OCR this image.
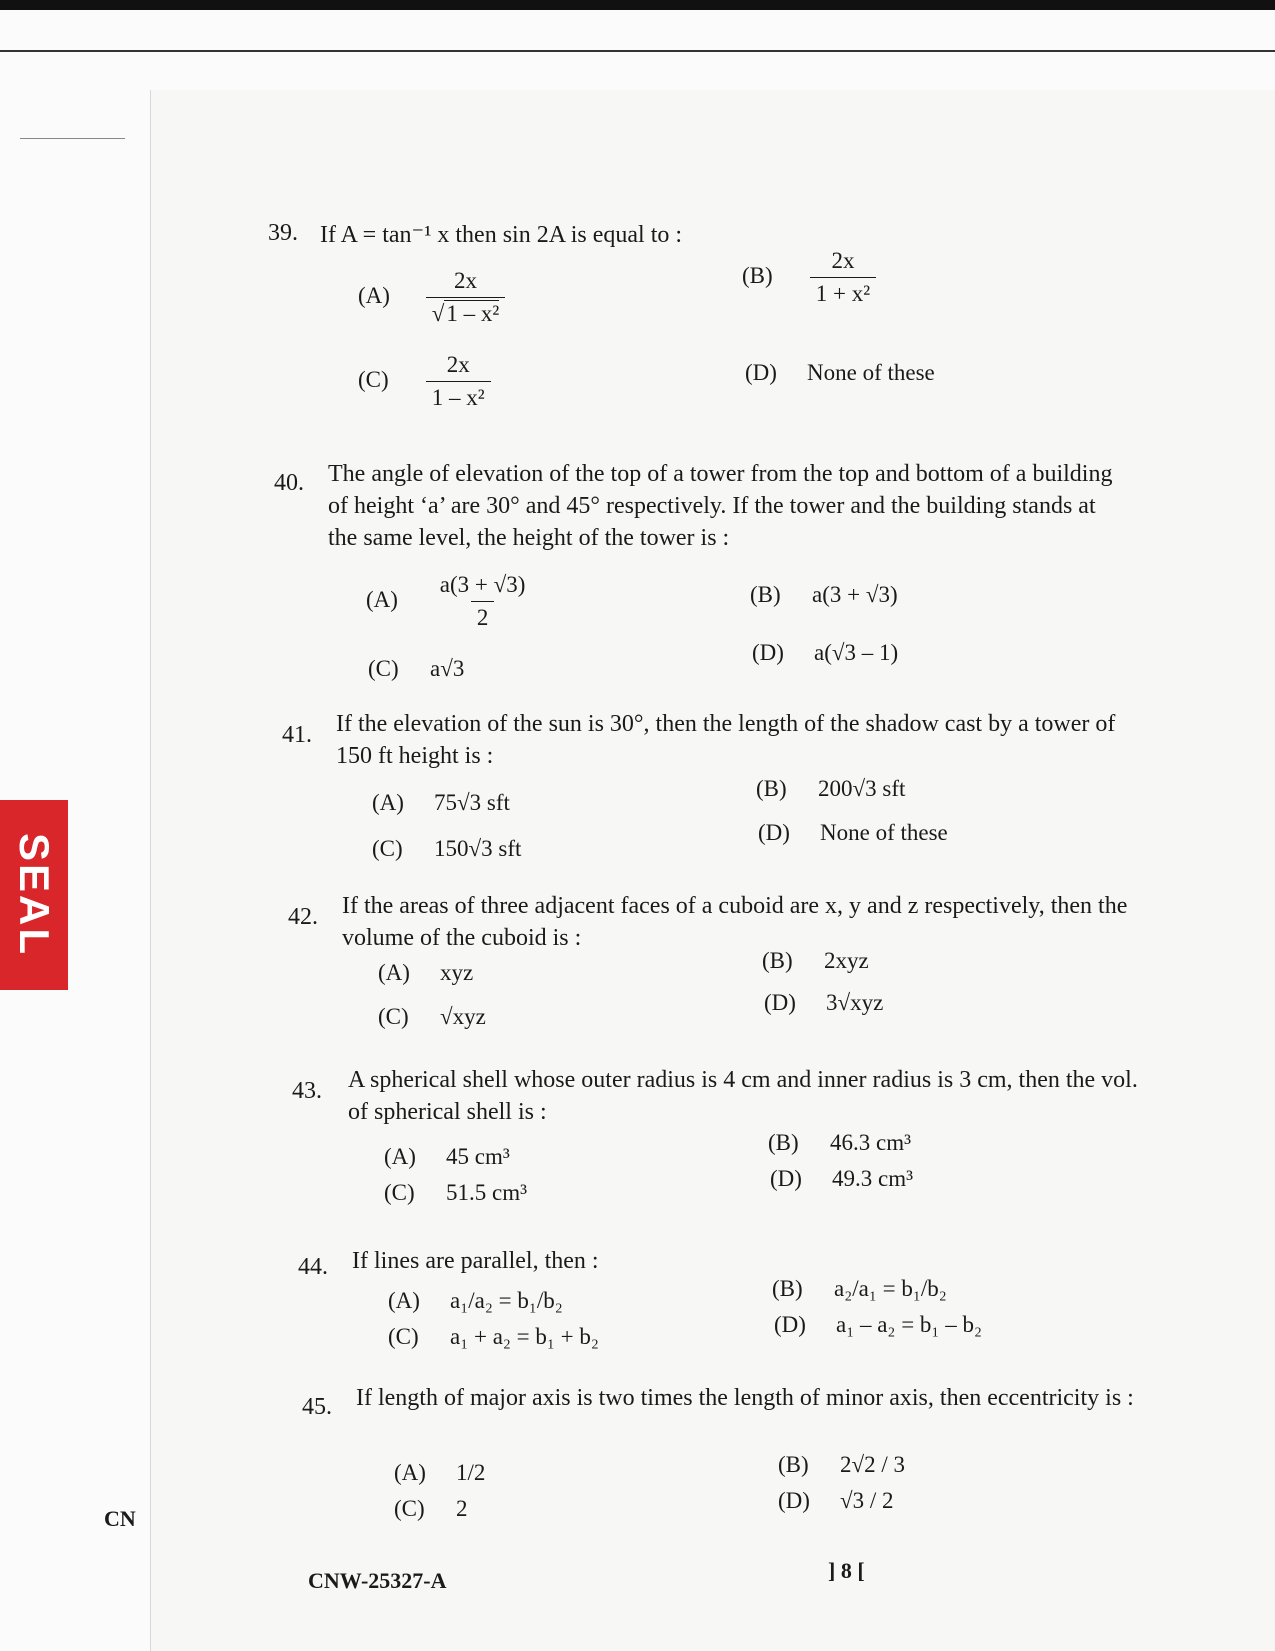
SEAL
CN
39. If A = tan⁻¹ x then sin 2A is equal to :
$(A) \frac{2x}{\text{√1 – x²}}$	$(B) \frac{2x}{\text{1 + x²}}$
$(C) \frac{2x}{\text{1 – x²}}$	(D) None of these
40. The angle of elevation of the top of a tower from the top and bottom of a building of height ‘a’ are 30° and 45° respectively. If the tower and the building stands at the same level, the height of the tower is :
$(A) \frac{a(3 + √3)}{2}$	(B) a(3 + √3)
(C) a√3
(D) a(√3 – 1)
41. If the elevation of the sun is 30°, then the length of the shadow cast by a tower of 150 ft height is :
(A) 75√3 sft
(B) 200√3 sft
(C) 150√3 sft
(D) None of these
42. If the areas of three adjacent faces of a cuboid are x, y and z respectively, then the volume of the cuboid is :
(A) xyz	(B) 2xyz
(C) √xyz
(D) 3√xyz
43. A spherical shell whose outer radius is 4 cm and inner radius is 3 cm, then the vol. of spherical shell is :
(A) 45 cm³
(B) 46.3 cm³
(C) 51.5 cm³
(D) 49.3 cm³
44. If lines are parallel, then :
(A) a₁/a₂ = b₁/b₂	(B) a₂/a₁ = b₁/b₂
(C) a₁ + a₂ = b₁ + b₂	(D) a₁ – a₂ = b₁ – b₂
45. If length of major axis is two times the length of minor axis, then eccentricity is :
(A) 1/2	(B) 2√2 / 3
(C) 2	(D) √3 / 2
CNW-25327-A	] 8 [
